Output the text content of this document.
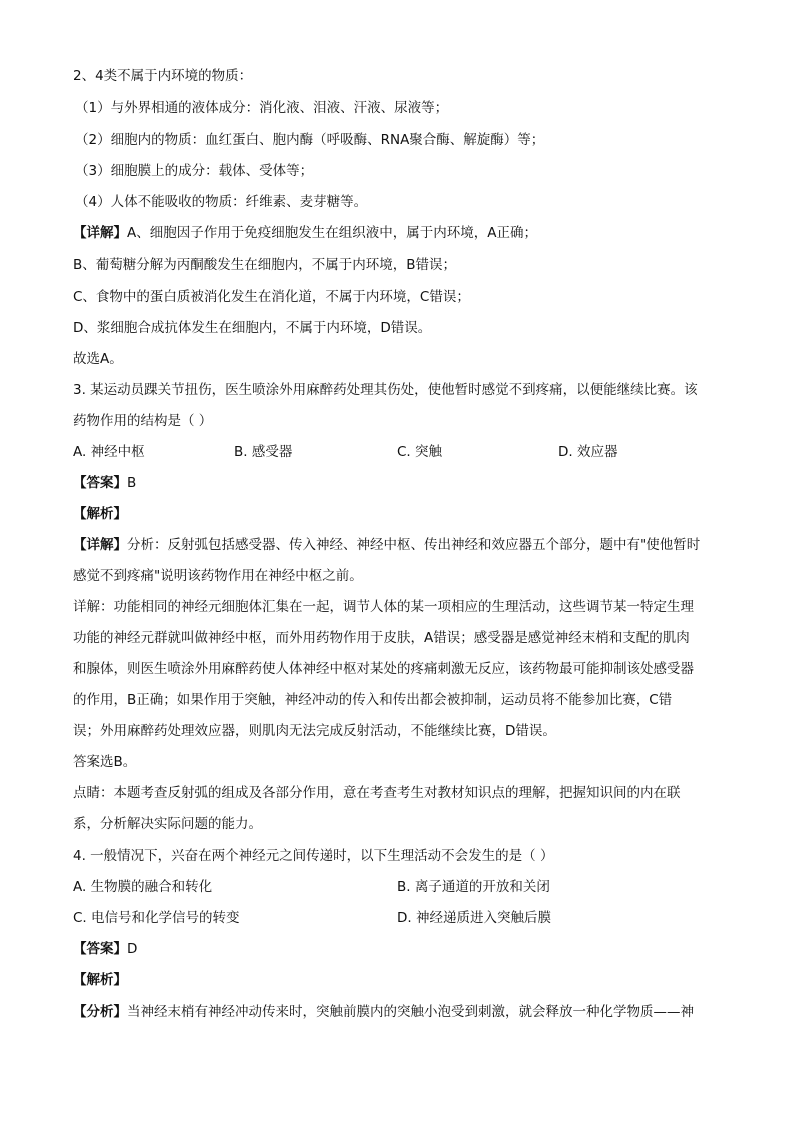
2、4类不属于内环境的物质：
（1）与外界相通的液体成分：消化液、泪液、汗液、尿液等；
（2）细胞内的物质：血红蛋白、胞内酶（呼吸酶、RNA聚合酶、解旋酶）等；
（3）细胞膜上的成分：载体、受体等；
（4）人体不能吸收的物质：纤维素、麦芽糖等。
【详解】A、细胞因子作用于免疫细胞发生在组织液中，属于内环境，A正确；
B、葡萄糖分解为丙酮酸发生在细胞内，不属于内环境，B错误；
C、食物中的蛋白质被消化发生在消化道，不属于内环境，C错误；
D、浆细胞合成抗体发生在细胞内，不属于内环境，D错误。
故选A。
3. 某运动员踝关节扭伤，医生喷涂外用麻醉药处理其伤处，使他暂时感觉不到疼痛，以便能继续比赛。该
药物作用的结构是（ ）
A. 神经中枢	B. 感受器	C. 突触	D. 效应器
【答案】B
【解析】
【详解】分析：反射弧包括感受器、传入神经、神经中枢、传出神经和效应器五个部分，题中有"使他暂时
感觉不到疼痛"说明该药物作用在神经中枢之前。
详解：功能相同的神经元细胞体汇集在一起，调节人体的某一项相应的生理活动，这些调节某一特定生理
功能的神经元群就叫做神经中枢，而外用药物作用于皮肤，A错误；感受器是感觉神经末梢和支配的肌肉
和腺体，则医生喷涂外用麻醉药使人体神经中枢对某处的疼痛刺激无反应，该药物最可能抑制该处感受器
的作用，B正确；如果作用于突触，神经冲动的传入和传出都会被抑制，运动员将不能参加比赛，C错
误；外用麻醉药处理效应器，则肌肉无法完成反射活动，不能继续比赛，D错误。
答案选B。
点睛：本题考查反射弧的组成及各部分作用，意在考查考生对教材知识点的理解，把握知识间的内在联
系，分析解决实际问题的能力。
4. 一般情况下，兴奋在两个神经元之间传递时，以下生理活动不会发生的是（ ）
A. 生物膜的融合和转化	B. 离子通道的开放和关闭
C. 电信号和化学信号的转变	D. 神经递质进入突触后膜
【答案】D
【解析】
【分析】当神经末梢有神经冲动传来时，突触前膜内的突触小泡受到刺激，就会释放一种化学物质——神
